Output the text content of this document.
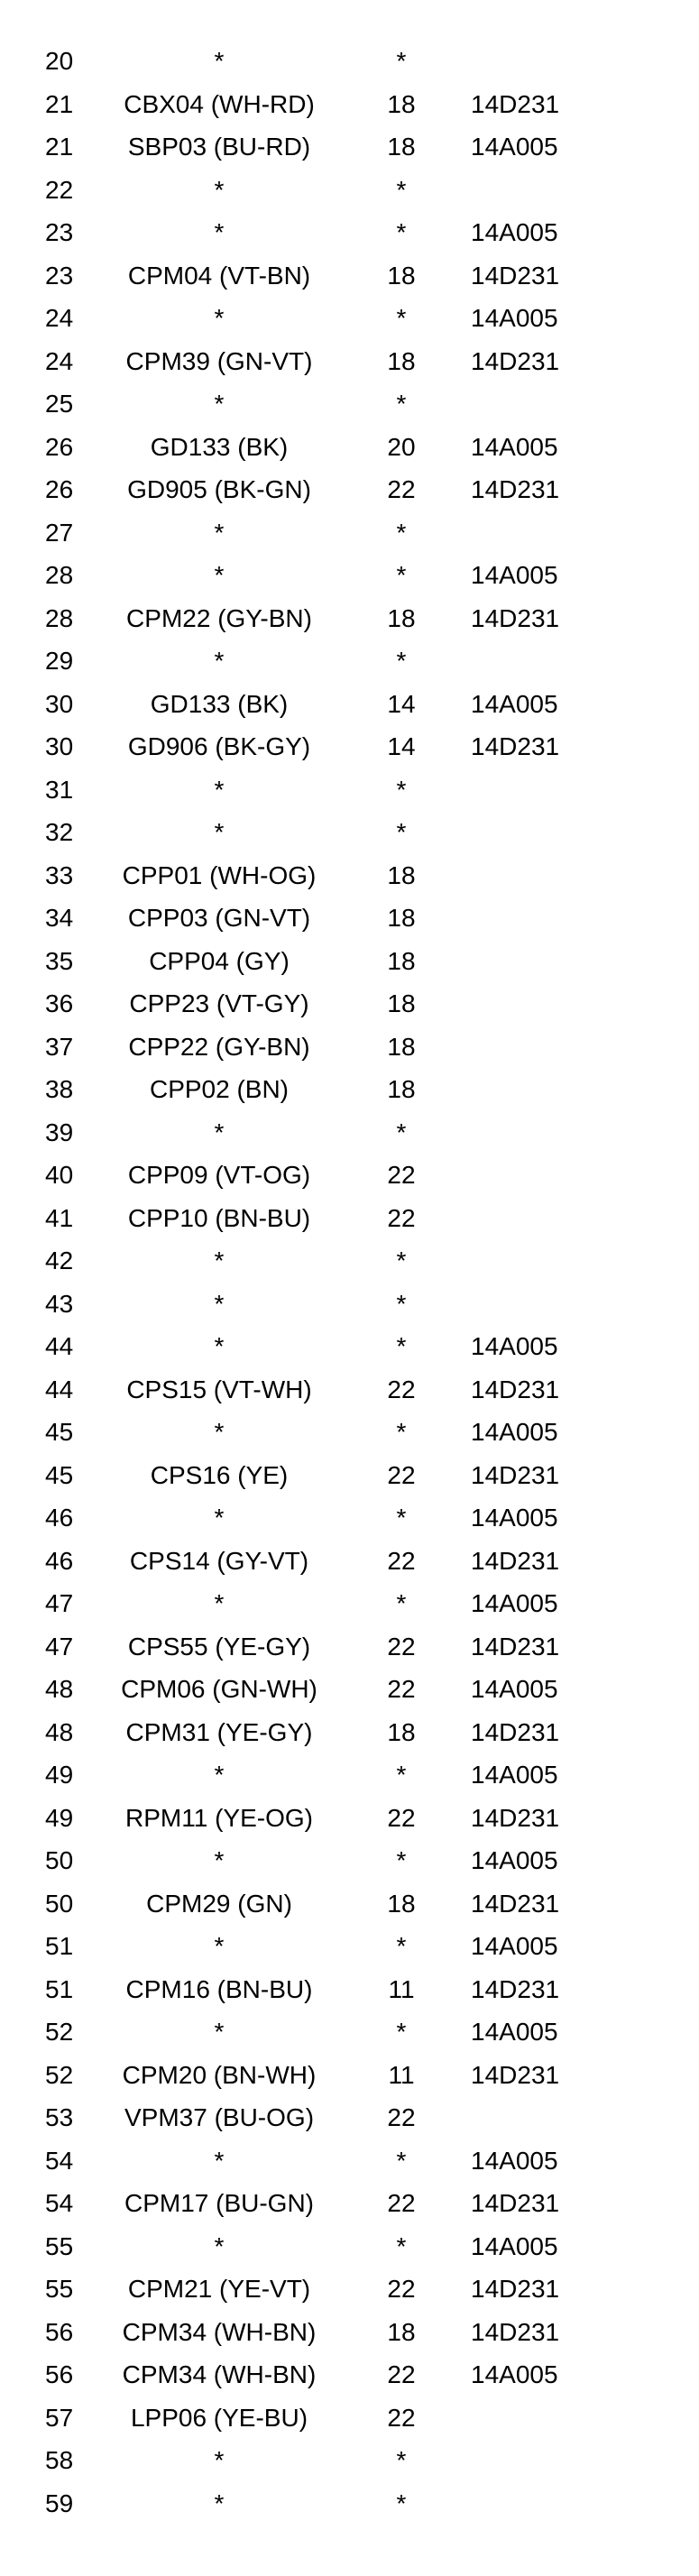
20	*	*
21	CBX04 (WH-RD)	18	14D231
21	SBP03 (BU-RD)	18	14A005
22	*	*
23	*	*	14A005
23	CPM04 (VT-BN)	18	14D231
24	*	*	14A005
24	CPM39 (GN-VT)	18	14D231
25	*	*
26	GD133 (BK)	20	14A005
26	GD905 (BK-GN)	22	14D231
27	*	*
28	*	*	14A005
28	CPM22 (GY-BN)	18	14D231
29	*	*
30	GD133 (BK)	14	14A005
30	GD906 (BK-GY)	14	14D231
31	*	*
32	*	*
33	CPP01 (WH-OG)	18
34	CPP03 (GN-VT)	18
35	CPP04 (GY)	18
36	CPP23 (VT-GY)	18
37	CPP22 (GY-BN)	18
38	CPP02 (BN)	18
39	*	*
40	CPP09 (VT-OG)	22
41	CPP10 (BN-BU)	22
42	*	*
43	*	*
44	*	*	14A005
44	CPS15 (VT-WH)	22	14D231
45	*	*	14A005
45	CPS16 (YE)	22	14D231
46	*	*	14A005
46	CPS14 (GY-VT)	22	14D231
47	*	*	14A005
47	CPS55 (YE-GY)	22	14D231
48	CPM06 (GN-WH)	22	14A005
48	CPM31 (YE-GY)	18	14D231
49	*	*	14A005
49	RPM11 (YE-OG)	22	14D231
50	*	*	14A005
50	CPM29 (GN)	18	14D231
51	*	*	14A005
51	CPM16 (BN-BU)	11	14D231
52	*	*	14A005
52	CPM20 (BN-WH)	11	14D231
53	VPM37 (BU-OG)	22
54	*	*	14A005
54	CPM17 (BU-GN)	22	14D231
55	*	*	14A005
55	CPM21 (YE-VT)	22	14D231
56	CPM34 (WH-BN)	18	14D231
56	CPM34 (WH-BN)	22	14A005
57	LPP06 (YE-BU)	22
58	*	*
59	*	*
